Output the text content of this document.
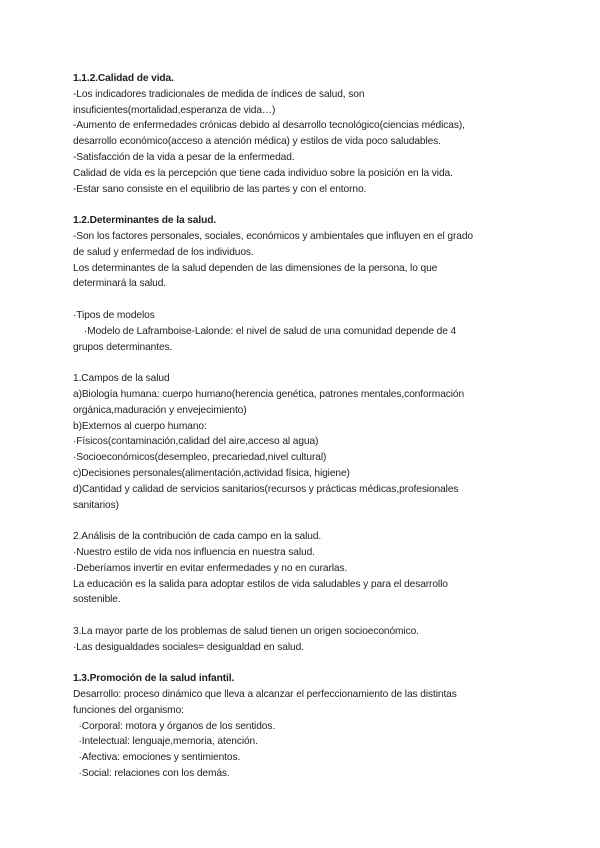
1.1.2.Calidad de vida.
-Los indicadores tradicionales de medida de índices de salud, son
insuficientes(mortalidad,esperanza de vida…)
-Aumento de enfermedades crónicas debido al desarrollo tecnológico(ciencias médicas),
desarrollo económico(acceso a atención médica) y estilos de vida poco saludables.
-Satisfacción de la vida a pesar de la enfermedad.
Calidad de vida es la percepción que tiene cada individuo sobre la posición en la vida.
-Estar sano consiste en el equilibrio de las partes y con el entorno.
1.2.Determinantes de la salud.
-Son los factores personales, sociales, económicos y ambientales que influyen en el grado
de salud y enfermedad de los individuos.
Los determinantes de la salud dependen de las dimensiones de la persona, lo que
determinará la salud.
·Tipos de modelos
·Modelo de Laframboise-Lalonde: el nivel de salud de una comunidad depende de 4
grupos determinantes.
1.Campos de la salud
a)Biología humana: cuerpo humano(herencia genética, patrones mentales,conformación
orgánica,maduración y envejecimiento)
b)Externos al cuerpo humano:
·Físicos(contaminación,calidad del aire,acceso al agua)
·Socioeconómicos(desempleo, precariedad,nivel cultural)
c)Decisiones personales(alimentación,actividad física, higiene)
d)Cantidad y calidad de servicios sanitarios(recursos y prácticas médicas,profesionales
sanitarios)
2.Análisis de la contribución de cada campo en la salud.
·Nuestro estilo de vida nos influencia en nuestra salud.
·Deberíamos invertir en evitar enfermedades y no en curarlas.
La educación es la salida para adoptar estilos de vida saludables y para el desarrollo
sostenible.
3.La mayor parte de los problemas de salud tienen un origen socioeconómico.
·Las desigualdades sociales= desigualdad en salud.
1.3.Promoción de la salud infantil.
Desarrollo: proceso dinámico que lleva a alcanzar el perfeccionamiento de las distintas
funciones del organismo:
·Corporal: motora y órganos de los sentidos.
·Intelectual: lenguaje,memoria, atención.
·Afectiva: emociones y sentimientos.
·Social: relaciones con los demás.
